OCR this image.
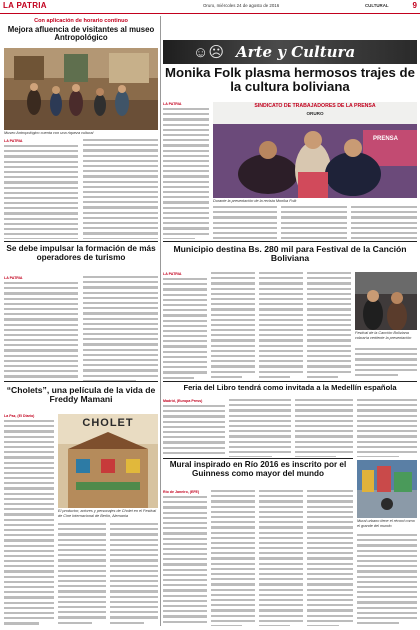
LA PATRIA	Oruro, miércoles 24 de agosto de 2016	CULTURAL	9
Con aplicación de horario continuo
Mejora afluencia de visitantes al museo Antropológico
Museo Antropológico cuenta con una riqueza cultural
LA PATRIA
Se debe impulsar la formación de más operadores de turismo
LA PATRIA
“Cholets”, una película de la vida de Freddy Mamani
La Paz, (El Diario)
CHOLET
El productor, actores y personajes de Cholet en el Festival de Cine Internacional de Berlín, Alemania
☺☹ Arte y Cultura
Monika Folk plasma hermosos trajes de la cultura boliviana
LA PATRIA	SINDICATO DE TRABAJADORES DE LA PRENSA
ORURO
PRENSA
Durante la presentación de la revista Monika Folk
Municipio destina Bs. 280 mil para Festival de la Canción Boliviana
LA PATRIA
Festival de la Canción Boliviana cobraría vertiente la presentación
Feria del Libro tendrá como invitada a la Medellín española
Madrid, (Europa Press)
Mural inspirado en Río 2016 es inscrito por el Guinness como mayor del mundo
Río de Janeiro, (EFE)
Mural urbano tiene el récord como el grande del mundo
